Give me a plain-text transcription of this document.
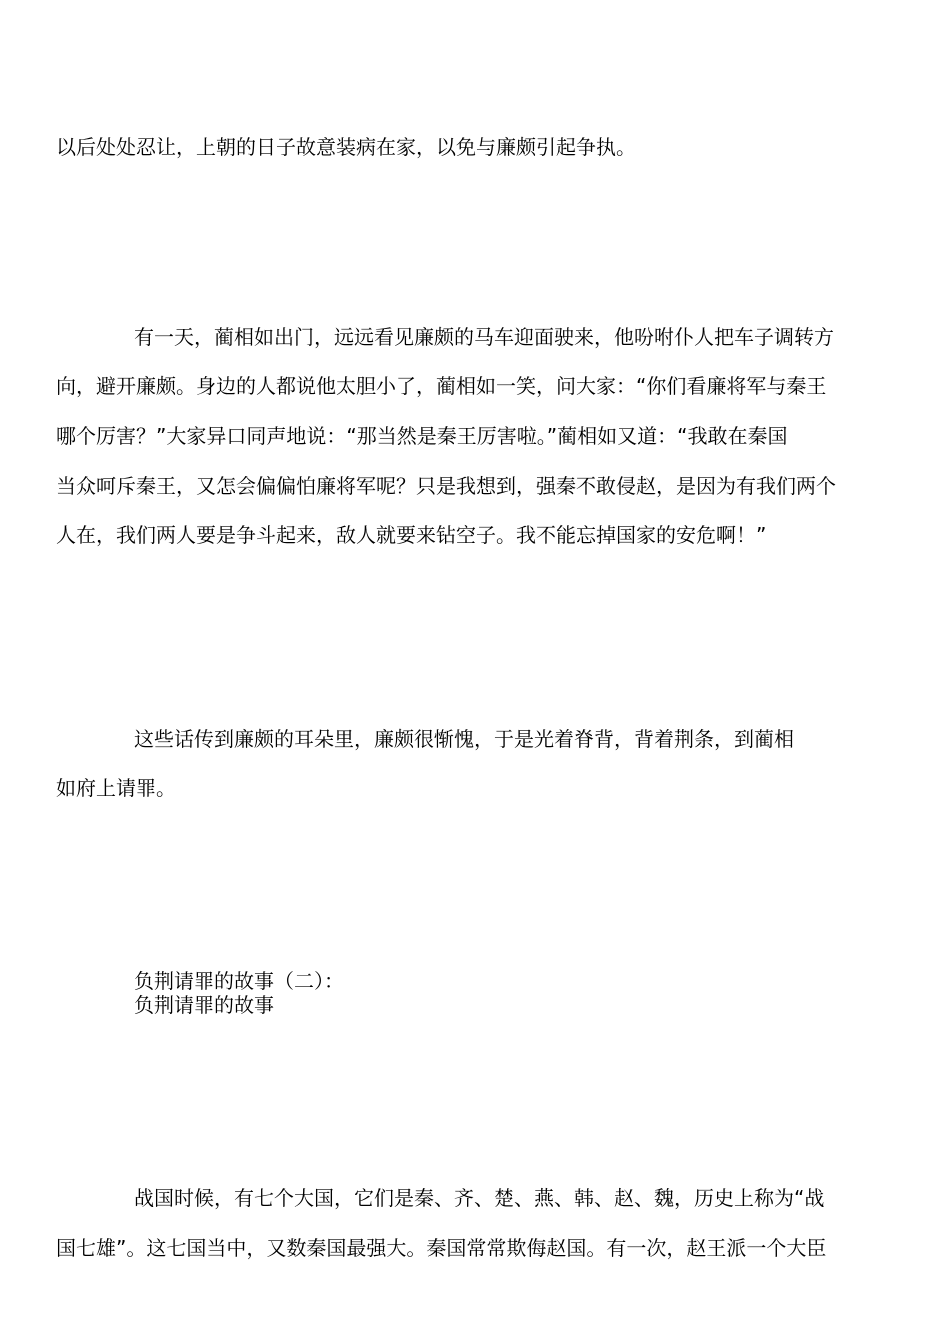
以后处处忍让，上朝的日子故意装病在家，以免与廉颇引起争执。
有一天，蔺相如出门，远远看见廉颇的马车迎面驶来，他吩咐仆人把车子调转方
向，避开廉颇。身边的人都说他太胆小了，蔺相如一笑，问大家：“你们看廉将军与秦王
哪个厉害？”大家异口同声地说：“那当然是秦王厉害啦。”蔺相如又道：“我敢在秦国
当众呵斥秦王，又怎会偏偏怕廉将军呢？只是我想到，强秦不敢侵赵，是因为有我们两个
人在，我们两人要是争斗起来，敌人就要来钻空子。我不能忘掉国家的安危啊！”
这些话传到廉颇的耳朵里，廉颇很惭愧，于是光着脊背，背着荆条，到蔺相
如府上请罪。
负荆请罪的故事（二）：
负荆请罪的故事
战国时候，有七个大国，它们是秦、齐、楚、燕、韩、赵、魏，历史上称为“战
国七雄”。这七国当中，又数秦国最强大。秦国常常欺侮赵国。有一次，赵王派一个大臣
